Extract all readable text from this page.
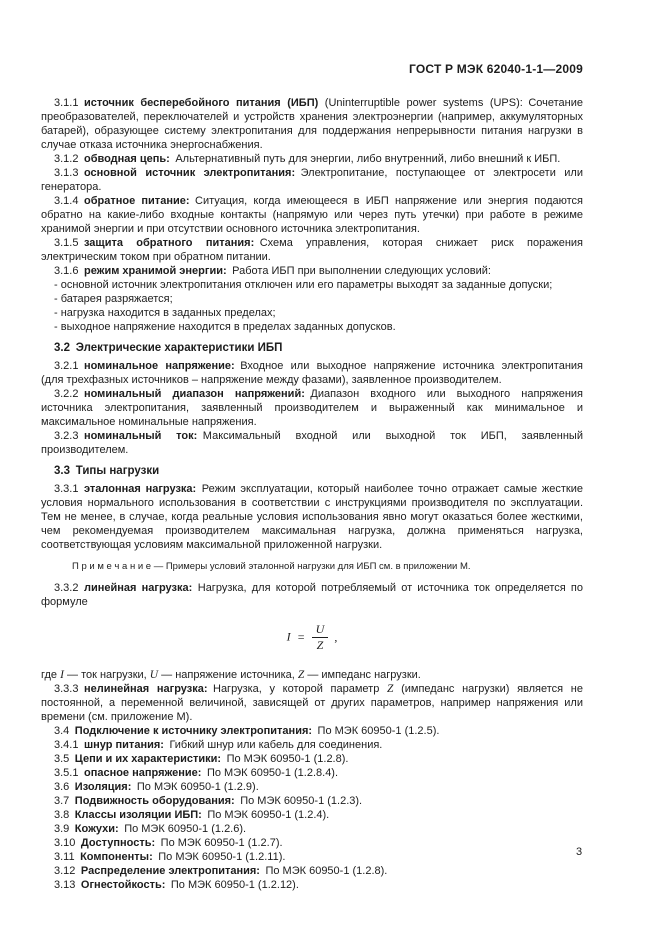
ГОСТ Р МЭК 62040-1-1—2009

3.1.1 источник бесперебойного питания (ИБП) (Uninterruptible power systems (UPS): Сочетание преобразователей, переключателей и устройств хранения электроэнергии (например, аккумуляторных батарей), образующее систему электропитания для поддержания непрерывности питания нагрузки в случае отказа источника энергоснабжения.

3.1.2 обводная цепь: Альтернативный путь для энергии, либо внутренний, либо внешний к ИБП.

3.1.3 основной источник электропитания: Электропитание, поступающее от электросети или генератора.

3.1.4 обратное питание: Ситуация, когда имеющееся в ИБП напряжение или энергия подаются обратно на какие-либо входные контакты (напрямую или через путь утечки) при работе в режиме хранимой энергии и при отсутствии основного источника электропитания.

3.1.5 защита обратного питания: Схема управления, которая снижает риск поражения электрическим током при обратном питании.

3.1.6 режим хранимой энергии: Работа ИБП при выполнении следующих условий:

- основной источник электропитания отключен или его параметры выходят за заданные допуски;

- батарея разряжается;

- нагрузка находится в заданных пределах;

- выходное напряжение находится в пределах заданных допусков.

3.2 Электрические характеристики ИБП

3.2.1 номинальное напряжение: Входное или выходное напряжение источника электропитания (для трехфазных источников – напряжение между фазами), заявленное производителем.

3.2.2 номинальный диапазон напряжений: Диапазон входного или выходного напряжения источника электропитания, заявленный производителем и выраженный как минимальное и максимальное номинальные напряжения.

3.2.3 номинальный ток: Максимальный входной или выходной ток ИБП, заявленный производителем.

3.3 Типы нагрузки

3.3.1 эталонная нагрузка: Режим эксплуатации, который наиболее точно отражает самые жесткие условия нормального использования в соответствии с инструкциями производителя по эксплуатации. Тем не менее, в случае, когда реальные условия использования явно могут оказаться более жесткими, чем рекомендуемая производителем максимальная нагрузка, должна применяться нагрузка, соответствующая условиям максимальной приложенной нагрузки.

П р и м е ч а н и е — Примеры условий эталонной нагрузки для ИБП см. в приложении М.

3.3.2 линейная нагрузка: Нагрузка, для которой потребляемый от источника ток определяется по формуле

$I = \frac{U}{Z}$ ,

где I — ток нагрузки, U — напряжение источника, Z — импеданс нагрузки.

3.3.3 нелинейная нагрузка: Нагрузка, у которой параметр Z (импеданс нагрузки) является не постоянной, а переменной величиной, зависящей от других параметров, например напряжения или времени (см. приложение М).

3.4 Подключение к источнику электропитания: По МЭК 60950-1 (1.2.5).

3.4.1 шнур питания: Гибкий шнур или кабель для соединения.

3.5 Цепи и их характеристики: По МЭК 60950-1 (1.2.8).

3.5.1 опасное напряжение: По МЭК 60950-1 (1.2.8.4).

3.6 Изоляция: По МЭК 60950-1 (1.2.9).

3.7 Подвижность оборудования: По МЭК 60950-1 (1.2.3).

3.8 Классы изоляции ИБП: По МЭК 60950-1 (1.2.4).

3.9 Кожухи: По МЭК 60950-1 (1.2.6).

3.10 Доступность: По МЭК 60950-1 (1.2.7).

3.11 Компоненты: По МЭК 60950-1 (1.2.11).

3.12 Распределение электропитания: По МЭК 60950-1 (1.2.8).

3.13 Огнестойкость: По МЭК 60950-1 (1.2.12).

3
